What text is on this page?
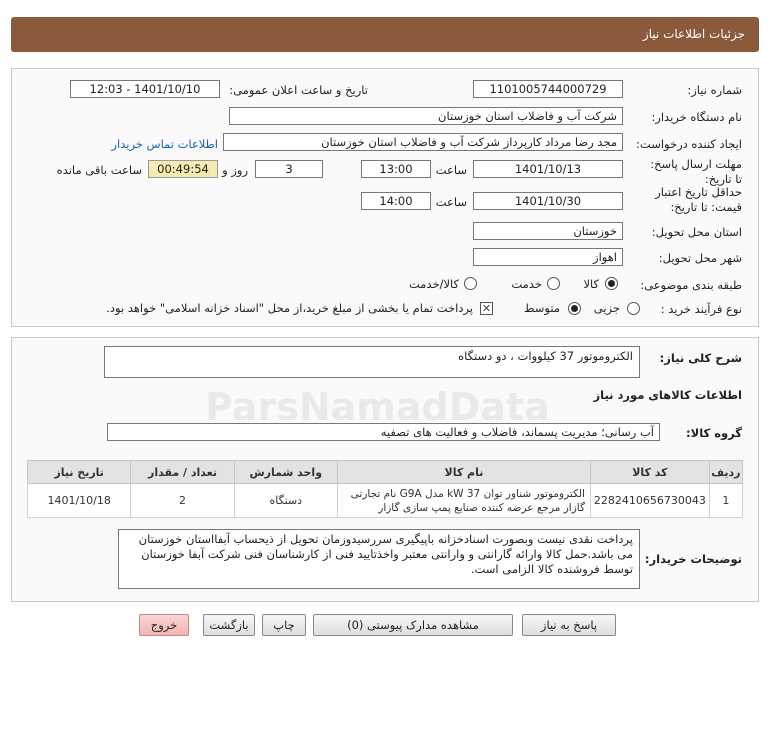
جزئیات اطلاعات نیاز
شماره نیاز:
1101005744000729
تاریخ و ساعت اعلان عمومی:
1401/10/10 - 12:03
نام دستگاه خریدار:
شرکت آب و فاضلاب استان خوزستان
ایجاد کننده درخواست:
مجد رضا مرداد کارپرداز شرکت آب و فاضلاب استان خوزستان
اطلاعات تماس خریدار
مهلت ارسال پاسخ: تا تاریخ:
1401/10/13
ساعت
13:00
3
روز و
00:49:54
ساعت باقی مانده
حداقل تاریخ اعتبار قیمت: تا تاریخ:
1401/10/30
ساعت
14:00
استان محل تحویل:
خوزستان
شهر محل تحویل:
اهواز
طبقه بندی موضوعی:
کالا
خدمت
کالا/خدمت
نوع فرآیند خرید :
جزیی
متوسط
✕
پرداخت تمام یا بخشی از مبلغ خرید،از محل "اسناد خزانه اسلامی" خواهد بود.
شرح کلی نیاز:
الکتروموتور 37 کیلووات ، دو دستگاه
اطلاعات کالاهای مورد نیاز
گروه کالا:
آب رسانی؛ مدیریت پسماند، فاضلاب و فعالیت های تصفیه
ردیف	کد کالا	نام کالا	واحد شمارش	تعداد / مقدار	تاریخ نیاز
1	2282410656730043	الکتروموتور شناور توان kW 37 مدل G9A نام تجارتی گازار مرجع عرضه کننده صنایع پمپ سازی گازار	دستگاه	2	1401/10/18
توضیحات خریدار:
پرداخت نقدی نیست وبصورت اسنادخزانه باپیگیری سررسیدوزمان تحویل از ذیحساب آبفااستان خوزستان می باشد.حمل کالا وارائه گارانتی و وارانتی معتبر واخذتایید فنی از کارشناسان فنی شرکت آبفا خوزستان توسط فروشنده کالا الزامی است.
پاسخ به نیاز
مشاهده مدارک پیوستی (0)
چاپ
بازگشت
خروج
